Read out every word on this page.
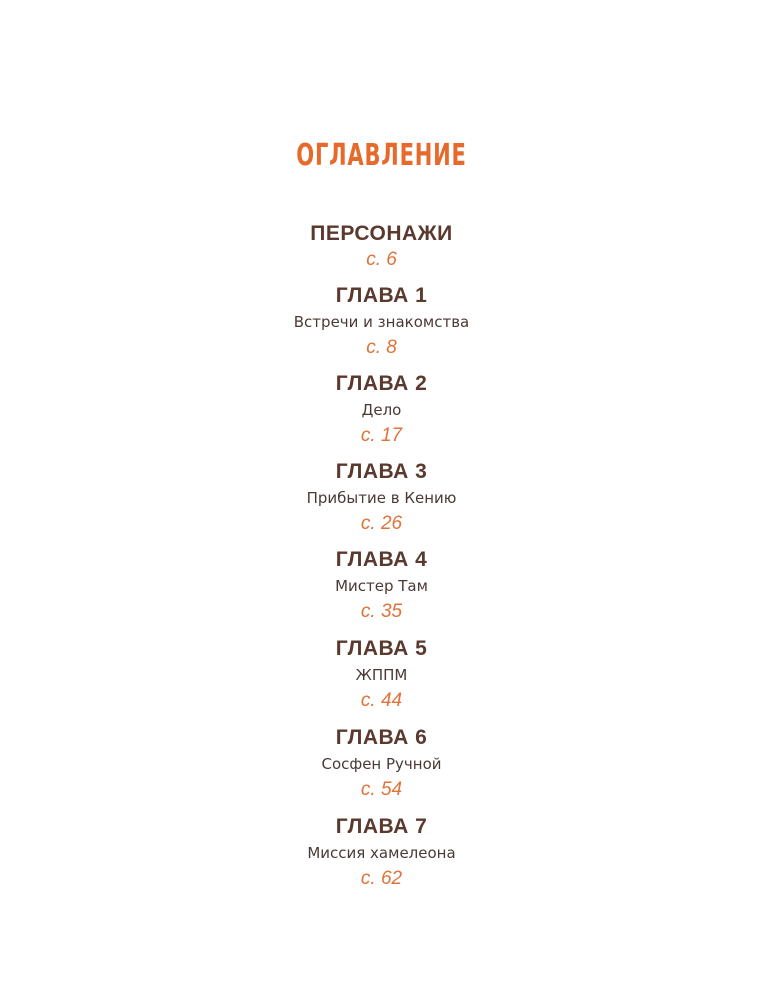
ОГЛАВЛЕНИЕ
ПЕРСОНАЖИ
с. 6
ГЛАВА 1
Встречи и знакомства
с. 8
ГЛАВА 2
Дело
с. 17
ГЛАВА 3
Прибытие в Кению
с. 26
ГЛАВА 4
Мистер Там
с. 35
ГЛАВА 5
ЖППМ
с. 44
ГЛАВА 6
Сосфен Ручной
с. 54
ГЛАВА 7
Миссия хамелеона
с. 62
